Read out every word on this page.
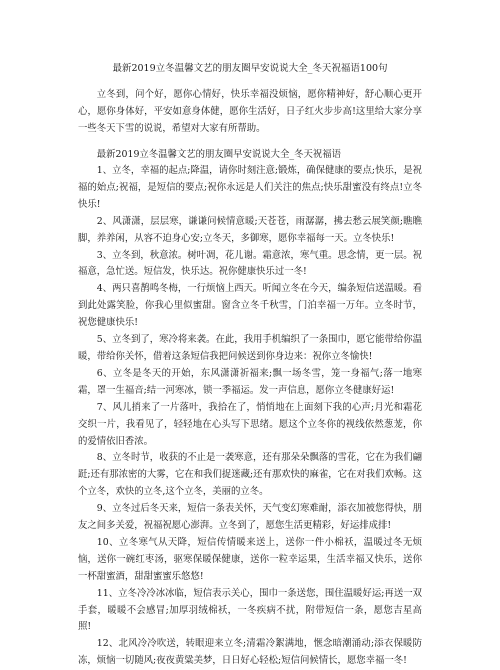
最新2019立冬温馨文艺的朋友圈早安说说大全_冬天祝福语100句

立冬到，问个好，愿你心情好，快乐幸福没烦恼，愿你精神好，舒心顺心更开心，愿你身体好，平安如意身体健，愿你生活好，日子红火步步高!这里给大家分享一些冬天下雪的说说，希望对大家有所帮助。

最新2019立冬温馨文艺的朋友圈早安说说大全_冬天祝福语

1、立冬，幸福的起点;降温，请你时刻注意;锻炼，确保健康的要点;快乐，是祝福的始点;祝福，是短信的要点;祝你永远是人们关注的焦点;快乐甜蜜没有终点!立冬快乐!

2、风潇潇，层层寒，谦谦问候情意暖;天苍苍，雨潺潺，拂去愁云展笑颜;瞧瞧脚，养养闲，从容不迫身心安;立冬天，多御寒，愿你幸福每一天。立冬快乐!

3、立冬到，秋意浓。树叶凋，花儿谢。霜意浓，寒气重。思念情，更一层。祝福意，急忙送。短信发，快乐达。祝你健康快乐过一冬!

4、两只喜鹊鸣冬梅，一行烦恼上西天。听闻立冬在今天，编条短信送温暖。看到此处露笑脸，你我心里似蜜甜。窗含立冬千秋雪，门泊幸福一万年。立冬时节，祝您健康快乐!

5、立冬到了，寒冷将来袭。在此，我用手机编织了一条围巾，愿它能带给你温暖，带给你关怀，借着这条短信我把问候送到你身边来：祝你立冬愉快!

6、立冬是冬天的开始，东风潇潇祈福来;飘一场冬雪，笼一身福气;落一地寒霜，罩一生福音;结一河寒冰，锁一季福运。发一声信息，愿你立冬健康好运!

7、风儿捎来了一片落叶，我拾在了，悄悄地在上面刻下我的心声;月光和霜花交织一片，我看见了，轻轻地在心头写下思绪。愿这个立冬你的视线依然葱茏，你的爱情依旧香浓。

8、立冬时节，收获的不止是一袭寒意，还有那朵朵飘落的雪花，它在为我们翩跹;还有那浓密的大雾，它在和我们捉迷藏;还有那欢快的麻雀，它在对我们欢畅。这个立冬，欢快的立冬,这个立冬，美丽的立冬。

9、立冬过后冬天来，短信一条表关怀，天气变幻寒难耐，添衣加被您得快，朋友之间多关爱，祝福祝愿心澎湃。立冬到了，愿您生活更精彩，好运排成排!

10、立冬寒气从天降，短信传情暖来送上，送你一件小棉袄，温暖过冬无烦恼，送你一碗红枣汤，驱寒保暖保健康，送你一粒幸运果，生活幸福又快乐，送你一杯甜蜜酒，甜甜蜜蜜乐悠悠!

11、立冬冷冷冰冰临，短信表示关心，围巾一条送您，围住温暖好运;再送一双手套，暖暖不会感冒;加厚羽绒棉袄，一冬疾病不扰，附带短信一条，愿您吉星高照!

12、北风冷冷吹送，转眼迎来立冬;清霜冷絮满地，惬念暗潮涌动;添衣保暖防冻，烦恼一切随风;夜夜黄粱美梦，日日好心轻松;短信问候情长，愿您幸福一冬!
